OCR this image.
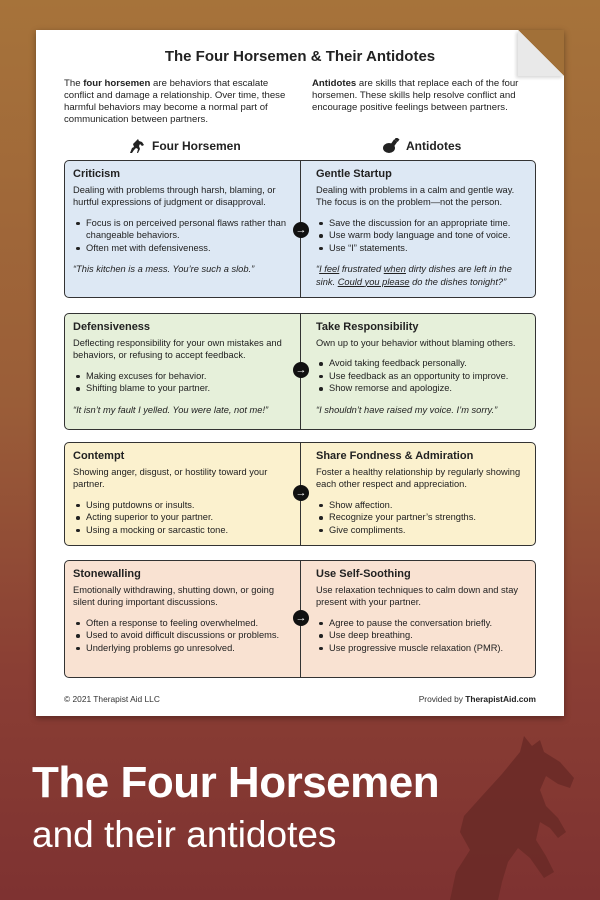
The Four Horsemen & Their Antidotes
The four horsemen are behaviors that escalate conflict and damage a relationship. Over time, these harmful behaviors may become a normal part of communication between partners.
Antidotes are skills that replace each of the four horsemen. These skills help resolve conflict and encourage positive feelings between partners.
Four Horsemen	Antidotes
Criticism
Dealing with problems through harsh, blaming, or hurtful expressions of judgment or disapproval.
Focus is on perceived personal flaws rather than changeable behaviors.
Often met with defensiveness.
“This kitchen is a mess. You’re such a slob.”
Gentle Startup
Dealing with problems in a calm and gentle way. The focus is on the problem—not the person.
Save the discussion for an appropriate time.
Use warm body language and tone of voice.
Use “I” statements.
“I feel frustrated when dirty dishes are left in the sink. Could you please do the dishes tonight?”
→
Defensiveness
Deflecting responsibility for your own mistakes and behaviors, or refusing to accept feedback.
Making excuses for behavior.
Shifting blame to your partner.
“It isn’t my fault I yelled. You were late, not me!”
Take Responsibility
Own up to your behavior without blaming others.
Avoid taking feedback personally.
Use feedback as an opportunity to improve.
Show remorse and apologize.
“I shouldn’t have raised my voice. I’m sorry.”
→
Contempt
Showing anger, disgust, or hostility toward your partner.
Using putdowns or insults.
Acting superior to your partner.
Using a mocking or sarcastic tone.
Share Fondness & Admiration
Foster a healthy relationship by regularly showing each other respect and appreciation.
Show affection.
Recognize your partner’s strengths.
Give compliments.
→
Stonewalling
Emotionally withdrawing, shutting down, or going silent during important discussions.
Often a response to feeling overwhelmed.
Used to avoid difficult discussions or problems.
Underlying problems go unresolved.
Use Self-Soothing
Use relaxation techniques to calm down and stay present with your partner.
Agree to pause the conversation briefly.
Use deep breathing.
Use progressive muscle relaxation (PMR).
→
© 2021 Therapist Aid LLC	Provided by TherapistAid.com
The Four Horsemen
and their antidotes
